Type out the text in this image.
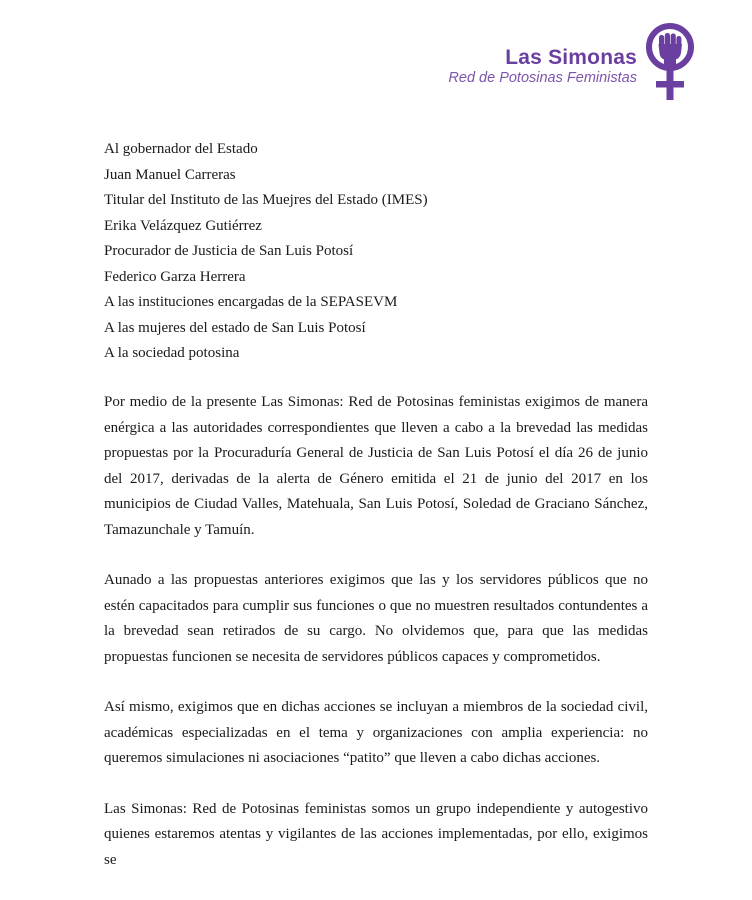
Las Simonas
Red de Potosinas Feministas
Al gobernador del Estado
Juan Manuel Carreras
Titular del Instituto de las Muejres del Estado (IMES)
Erika Velázquez Gutiérrez
Procurador de Justicia de San Luis Potosí
Federico Garza Herrera
A las instituciones encargadas de la SEPASEVM
A las mujeres del estado de San Luis Potosí
A la sociedad potosina

Por medio de la presente Las Simonas: Red de Potosinas feministas exigimos de manera enérgica a las autoridades correspondientes que lleven a cabo a la brevedad las medidas propuestas por la Procuraduría General de Justicia de San Luis Potosí el día 26 de junio del 2017, derivadas de la alerta de Género emitida el 21 de junio del 2017 en los municipios de Ciudad Valles, Matehuala, San Luis Potosí, Soledad de Graciano Sánchez, Tamazunchale y Tamuín.

Aunado a las propuestas anteriores exigimos que las y los servidores públicos que no estén capacitados para cumplir sus funciones o que no muestren resultados contundentes a la brevedad sean retirados de su cargo. No olvidemos que, para que las medidas propuestas funcionen se necesita de servidores públicos capaces y comprometidos.

Así mismo, exigimos que en dichas acciones se incluyan a miembros de la sociedad civil, académicas especializadas en el tema y organizaciones con amplia experiencia: no queremos simulaciones ni asociaciones “patito” que lleven a cabo dichas acciones.

Las Simonas: Red de Potosinas feministas somos un grupo independiente y autogestivo quienes estaremos atentas y vigilantes de las acciones implementadas, por ello, exigimos se
